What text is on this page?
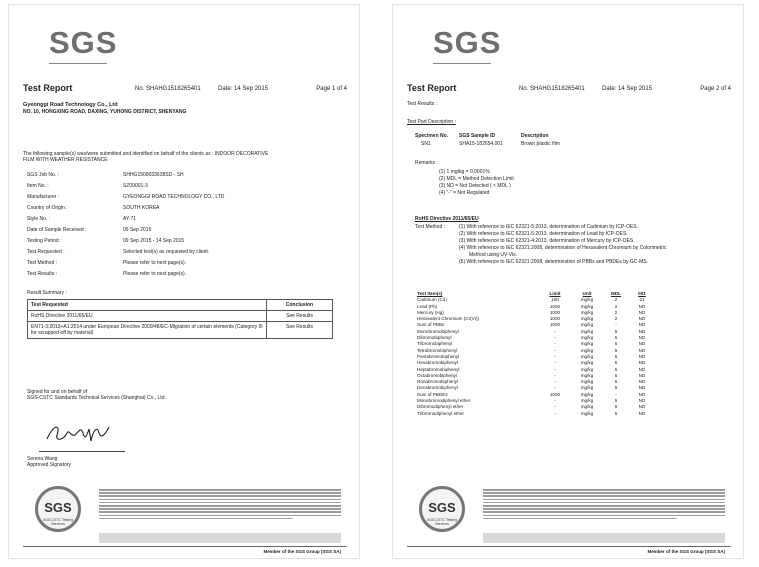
SGS
Test Report	No. SHAHG1518265401	Date: 14 Sep 2015	Page 1 of 4
Gyeonggi Road Technology Co., Ltd
NO. 10, HONGXING ROAD, DAXING, YUHONG DISTRICT, SHENYANG
The following sample(s) was/were submitted and identified on behalf of the clients as : INDOOR DECORATIVE
FILM WITH WEATHER RESISTANCE
SGS Job No. :	SHHG1509033638SD - SH
Item No. :	SZ09001-3
Manufacturer :	GYEONGGI ROAD TECHNOLOGY CO., LTD
Country of Origin :	SOUTH KOREA
Style No. :	AY-71
Date of Sample Received :	09 Sep 2015
Testing Period :	09 Sep 2015 - 14 Sep 2015
Test Requested :	Selected test(s) as requested by client.
Test Method :	Please refer to next page(s).
Test Results :	Please refer to next page(s).
Result Summary :
Test Requested	Conclusion
RoHS Directive 2011/65/EU	See Results
EN71-3:2013+A1:2014 under European Directive 2009/48/EC-Migration of certain elements (Category III for scrapped-off by material)	See Results
Signed for and on behalf of
SGS-CSTC Standards Technical Services (Shanghai) Co., Ltd.
Serena Wang
Approved Signatory
SGS
SGS-CSTC Testing Services
Member of the SGS Group (SGS SA)
SGS
Test Report	No. SHAHG1518265401	Date: 14 Sep 2015	Page 2 of 4
Test Results :
Test Part Description :
Specimen No. SGS Sample ID	Description
SN1	SHA15-182654.001	Brown plastic film
Remarks :
(1) 1 mg/kg = 0.0001%
(2) MDL = Method Detection Limit
(3) ND = Not Detected ( < MDL )
(4) "-" = Not Regulated
RoHS Directive 2011/65/EU
Test Method :	(1) With reference to IEC 62321-5:2013, determination of Cadmium by ICP-OES.
(2) With reference to IEC 62321-5:2013, determination of Lead by ICP-OES.
(3) With reference to IEC 62321-4:2013, determination of Mercury by ICP-OES.
(4) With reference to IEC 62321:2008, determination of Hexavalent Chromium by Colorimetric
Method using UV-Vis.
(5) With reference to IEC 62321:2008, determination of PBBs and PBDEs by GC-MS.
Test Item(s)	Limit	Unit	MDL	001
Cadmium (Cd)	100	mg/kg	2	21
Lead (Pb)	1000	mg/kg	2	ND
Mercury (Hg)	1000	mg/kg	2	ND
Hexavalent Chromium (Cr(VI))	1000	mg/kg	2	ND
Sum of PBBs	1000	mg/kg	-	ND
Monobromobiphenyl	-	mg/kg	5	ND
Dibromobiphenyl	-	mg/kg	5	ND
Tribromobiphenyl	-	mg/kg	5	ND
Tetrabromobiphenyl	-	mg/kg	5	ND
Pentabromobiphenyl	-	mg/kg	5	ND
Hexabromobiphenyl	-	mg/kg	5	ND
Heptabromobiphenyl	-	mg/kg	5	ND
Octabromobiphenyl	-	mg/kg	5	ND
Nonabromobiphenyl	-	mg/kg	5	ND
Decabromobiphenyl	-	mg/kg	5	ND
Sum of PBDEs	1000	mg/kg	-	ND
Monobromodiphenyl ether	-	mg/kg	5	ND
Dibromodiphenyl ether	-	mg/kg	5	ND
Tribromodiphenyl ether	-	mg/kg	5	ND
SGS
SGS-CSTC Testing Services
Member of the SGS Group (SGS SA)
